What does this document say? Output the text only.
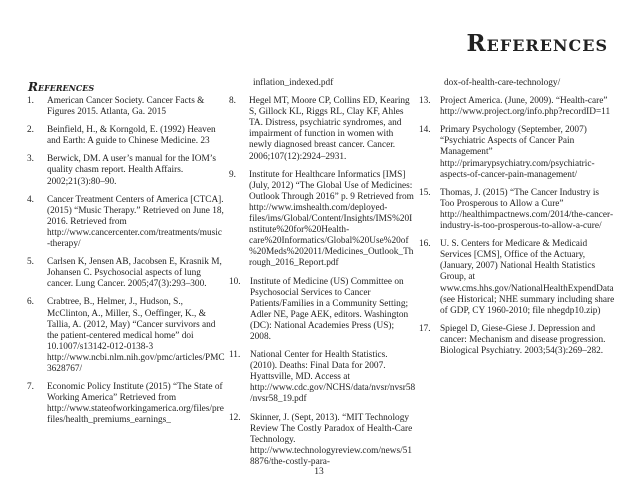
References
References
1.	American Cancer Society. Cancer Facts & Figures 2015. Atlanta, Ga. 2015
2.	Beinfield, H., & Korngold, E. (1992) Heaven and Earth: A guide to Chinese Medicine. 23
3.	Berwick, DM. A user’s manual for the IOM’s quality chasm report. Health Affairs. 2002;21(3):80–90.
4.	Cancer Treatment Centers of America [CTCA]. (2015) “Music Therapy.” Retrieved on June 18, 2016. Retrieved from http://www.cancercenter.com/treatments/music-therapy/
5.	Carlsen K, Jensen AB, Jacobsen E, Krasnik M, Johansen C. Psychosocial aspects of lung cancer. Lung Cancer. 2005;47(3):293–300.
6.	Crabtree, B., Helmer, J., Hudson, S., McClinton, A., Miller, S., Oeffinger, K., & Tallia, A. (2012, May) “Cancer survivors and the patient-centered medical home” doi 10.1007/s13142-012-0138-3 http://www.ncbi.nlm.nih.gov/pmc/articles/PMC3628767/
7.	Economic Policy Institute (2015) “The State of Working America” Retrieved from http://www.stateofworkingamerica.org/files/prefiles/health_premiums_earnings_
inflation_indexed.pdf
8.	Hegel MT, Moore CP, Collins ED, Kearing S, Gillock KL, Riggs RL, Clay KF, Ahles TA. Distress, psychiatric syndromes, and impairment of function in women with newly diagnosed breast cancer. Cancer. 2006;107(12):2924–2931.
9.	Institute for Healthcare Informatics [IMS] (July, 2012) “The Global Use of Medicines: Outlook Through 2016” p. 9 Retrieved from http://www.imshealth.com/deployed-files/ims/Global/Content/Insights/IMS%20Institute%20for%20Health-care%20Informatics/Global%20Use%20of%20Meds%202011/Medicines_Outlook_Through_2016_Report.pdf
10.	Institute of Medicine (US) Committee on Psychosocial Services to Cancer Patients/Families in a Community Setting; Adler NE, Page AEK, editors. Washington (DC): National Academies Press (US); 2008.
11.	National Center for Health Statistics. (2010). Deaths: Final Data for 2007. Hyattsville, MD. Access at http://www.cdc.gov/NCHS/data/nvsr/nvsr58/nvsr58_19.pdf
12.	Skinner, J. (Sept, 2013). “MIT Technology Review The Costly Paradox of Health-Care Technology. http://www.technologyreview.com/news/518876/the-costly-para-
dox-of-health-care-technology/
13.	Project America. (June, 2009). “Health-care” http://www.project.org/info.php?recordID=11
14.	Primary Psychology (September, 2007) “Psychiatric Aspects of Cancer Pain Management” http://primarypsychiatry.com/psychiatric-aspects-of-cancer-pain-management/
15.	Thomas, J. (2015) “The Cancer Industry is Too Prosperous to Allow a Cure” http://healthimpactnews.com/2014/the-cancer-industry-is-too-prosperous-to-allow-a-cure/
16.	U. S. Centers for Medicare & Medicaid Services [CMS], Office of the Actuary, (January, 2007) National Health Statistics Group, at www.cms.hhs.gov/NationalHealthExpendData (see Historical; NHE summary including share of GDP, CY 1960-2010; file nhegdp10.zip)
17.	Spiegel D, Giese-Giese J. Depression and cancer: Mechanism and disease progression. Biological Psychiatry. 2003;54(3):269–282.
13
